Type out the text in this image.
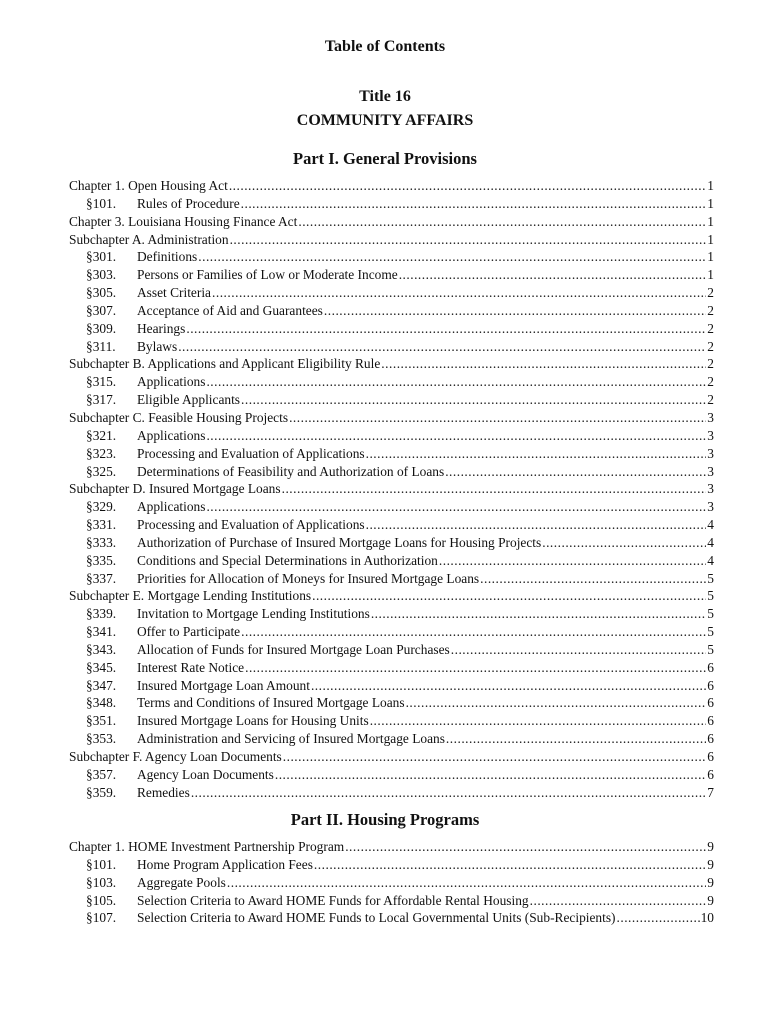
Table of Contents
Title 16
COMMUNITY AFFAIRS
Part I. General Provisions
Chapter 1. Open Housing Act .....	1
§101.	Rules of Procedure .....	1
Chapter 3. Louisiana Housing Finance Act .....	1
Subchapter A. Administration .....	1
§301.	Definitions .....	1
§303.	Persons or Families of Low or Moderate Income .....	1
§305.	Asset Criteria .....	2
§307.	Acceptance of Aid and Guarantees .....	2
§309.	Hearings .....	2
§311.	Bylaws .....	2
Subchapter B. Applications and Applicant Eligibility Rule .....	2
§315.	Applications .....	2
§317.	Eligible Applicants .....	2
Subchapter C. Feasible Housing Projects .....	3
§321.	Applications .....	3
§323.	Processing and Evaluation of Applications .....	3
§325.	Determinations of Feasibility and Authorization of Loans .....	3
Subchapter D. Insured Mortgage Loans .....	3
§329.	Applications .....	3
§331.	Processing and Evaluation of Applications .....	4
§333.	Authorization of Purchase of Insured Mortgage Loans for Housing Projects .....	4
§335.	Conditions and Special Determinations in Authorization .....	4
§337.	Priorities for Allocation of Moneys for Insured Mortgage Loans .....	5
Subchapter E. Mortgage Lending Institutions .....	5
§339.	Invitation to Mortgage Lending Institutions .....	5
§341.	Offer to Participate .....	5
§343.	Allocation of Funds for Insured Mortgage Loan Purchases .....	5
§345.	Interest Rate Notice .....	6
§347.	Insured Mortgage Loan Amount .....	6
§348.	Terms and Conditions of Insured Mortgage Loans .....	6
§351.	Insured Mortgage Loans for Housing Units .....	6
§353.	Administration and Servicing of Insured Mortgage Loans .....	6
Subchapter F. Agency Loan Documents .....	6
§357.	Agency Loan Documents .....	6
§359.	Remedies .....	7
Part II. Housing Programs
Chapter 1. HOME Investment Partnership Program .....	9
§101.	Home Program Application Fees .....	9
§103.	Aggregate Pools .....	9
§105.	Selection Criteria to Award HOME Funds for Affordable Rental Housing .....	9
§107.	Selection Criteria to Award HOME Funds to Local Governmental Units (Sub-Recipients) .....	10
